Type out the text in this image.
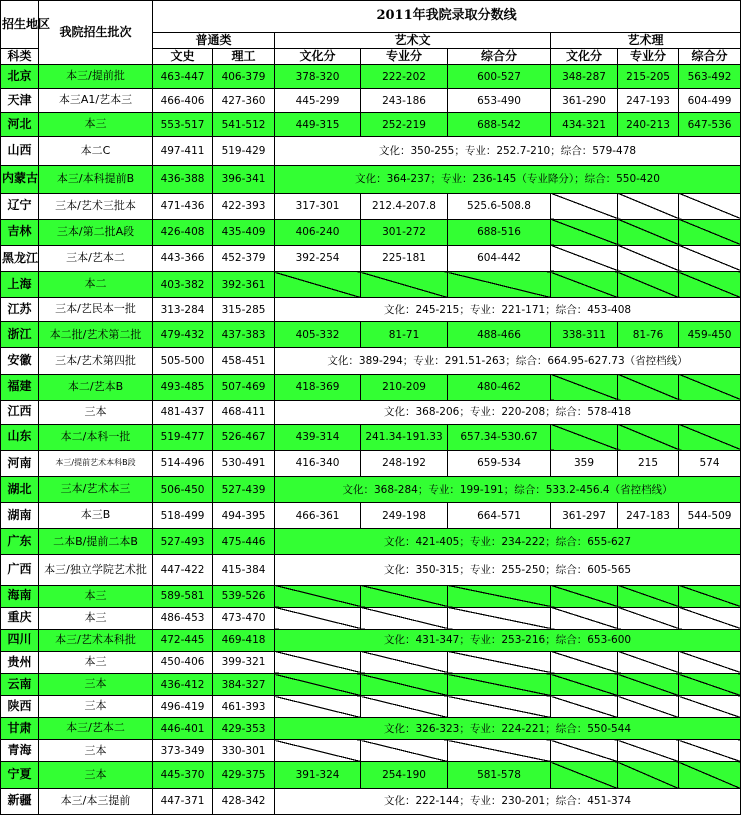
招生地区	我院招生批次	2011年我院录取分数线							
		普通类		艺术文			艺术理		
科类		文史	理工	文化分	专业分	综合分	文化分	专业分	综合分
北京	本三/提前批	463-447	406-379	378-320	222-202	600-527	348-287	215-205	563-492
天津	本三A1/艺本三	466-406	427-360	445-299	243-186	653-490	361-290	247-193	604-499
河北	本三	553-517	541-512	449-315	252-219	688-542	434-321	240-213	647-536
山西	本二C	497-411	519-429	文化：350-255；专业：252.7-210；综合：579-478					
内蒙古	本三/本科提前B	436-388	396-341	文化：364-237；专业：236-145（专业降分）；综合：550-420					
辽宁	三本/艺术三批本	471-436	422-393	317-301	212.4-207.8	525.6-508.8			
吉林	三本/第二批A段	426-408	435-409	406-240	301-272	688-516			
黑龙江	三本/艺本二	443-366	452-379	392-254	225-181	604-442			
上海	本二	403-382	392-361						
江苏	三本/艺民本一批	313-284	315-285	文化：245-215；专业：221-171；综合：453-408					
浙江	本二批/艺术第二批	479-432	437-383	405-332	81-71	488-466	338-311	81-76	459-450
安徽	三本/艺术第四批	505-500	458-451	文化：389-294；专业：291.51-263；综合：664.95-627.73（省控档线）					
福建	本二/艺本B	493-485	507-469	418-369	210-209	480-462			
江西	三本	481-437	468-411	文化：368-206；专业：220-208；综合：578-418					
山东	本二/本科一批	519-477	526-467	439-314	241.34-191.33	657.34-530.67			
河南	本三/提前艺术本科B段	514-496	530-491	416-340	248-192	659-534	359	215	574
湖北	三本/艺术本三	506-450	527-439	文化：368-284；专业：199-191；综合：533.2-456.4（省控档线）					
湖南	本三B	518-499	494-395	466-361	249-198	664-571	361-297	247-183	544-509
广东	二本B/提前二本B	527-493	475-446	文化：421-405；专业：234-222；综合：655-627					
广西	本三/独立学院艺术批	447-422	415-384	文化：350-315；专业：255-250；综合：605-565					
海南	本三	589-581	539-526						
重庆	本三	486-453	473-470						
四川	本三/艺术本科批	472-445	469-418	文化：431-347；专业：253-216；综合：653-600					
贵州	本三	450-406	399-321						
云南	三本	436-412	384-327						
陕西	三本	496-419	461-393						
甘肃	本三/艺本二	446-401	429-353	文化：326-323；专业：224-221；综合：550-544					
青海	三本	373-349	330-301						
宁夏	三本	445-370	429-375	391-324	254-190	581-578			
新疆	本三/本三提前	447-371	428-342	文化：222-144；专业：230-201；综合：451-374					
